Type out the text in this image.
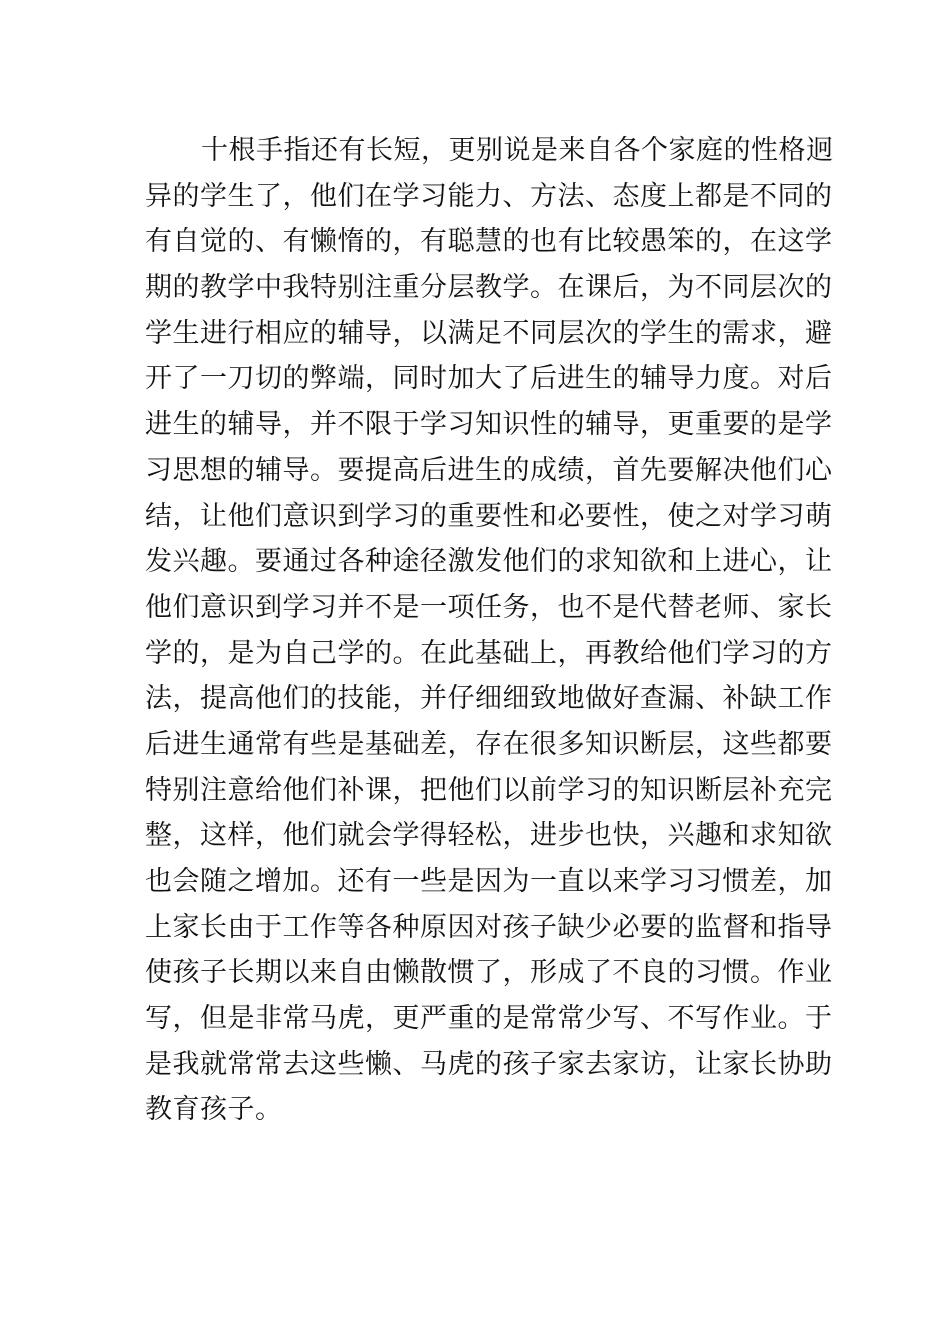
十根手指还有长短，更别说是来自各个家庭的性格迥
异的学生了，他们在学习能力、方法、态度上都是不同的
有自觉的、有懒惰的，有聪慧的也有比较愚笨的，在这学
期的教学中我特别注重分层教学。在课后，为不同层次的
学生进行相应的辅导，以满足不同层次的学生的需求，避
开了一刀切的弊端，同时加大了后进生的辅导力度。对后
进生的辅导，并不限于学习知识性的辅导，更重要的是学
习思想的辅导。要提高后进生的成绩，首先要解决他们心
结，让他们意识到学习的重要性和必要性，使之对学习萌
发兴趣。要通过各种途径激发他们的求知欲和上进心，让
他们意识到学习并不是一项任务，也不是代替老师、家长
学的，是为自己学的。在此基础上，再教给他们学习的方
法，提高他们的技能，并仔细细致地做好查漏、补缺工作
后进生通常有些是基础差，存在很多知识断层，这些都要
特别注意给他们补课，把他们以前学习的知识断层补充完
整，这样，他们就会学得轻松，进步也快，兴趣和求知欲
也会随之增加。还有一些是因为一直以来学习习惯差，加
上家长由于工作等各种原因对孩子缺少必要的监督和指导
使孩子长期以来自由懒散惯了，形成了不良的习惯。作业
写，但是非常马虎，更严重的是常常少写、不写作业。于
是我就常常去这些懒、马虎的孩子家去家访，让家长协助
教育孩子。
